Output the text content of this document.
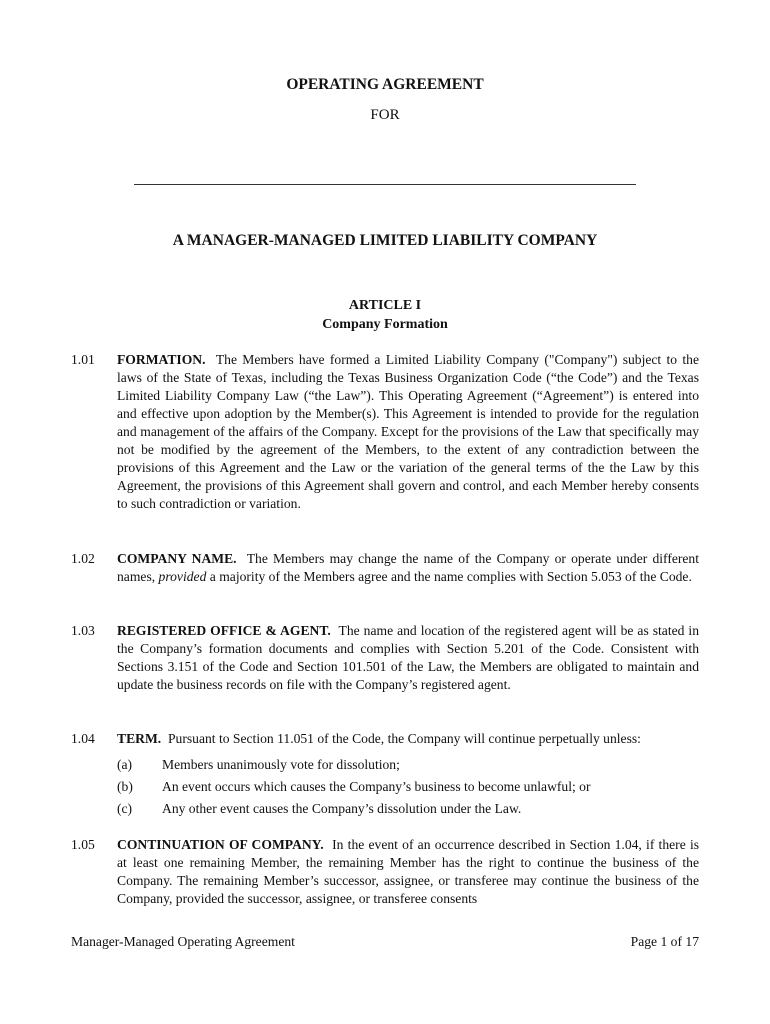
OPERATING AGREEMENT
FOR
A MANAGER-MANAGED LIMITED LIABILITY COMPANY
ARTICLE I
Company Formation
1.01	FORMATION. The Members have formed a Limited Liability Company ("Company") subject to the laws of the State of Texas, including the Texas Business Organization Code (“the Code”) and the Texas Limited Liability Company Law (“the Law”). This Operating Agreement (“Agreement”) is entered into and effective upon adoption by the Member(s). This Agreement is intended to provide for the regulation and management of the affairs of the Company. Except for the provisions of the Law that specifically may not be modified by the agreement of the Members, to the extent of any contradiction between the provisions of this Agreement and the Law or the variation of the general terms of the the Law by this Agreement, the provisions of this Agreement shall govern and control, and each Member hereby consents to such contradiction or variation.
1.02	COMPANY NAME. The Members may change the name of the Company or operate under different names, provided a majority of the Members agree and the name complies with Section 5.053 of the Code.
1.03	REGISTERED OFFICE & AGENT. The name and location of the registered agent will be as stated in the Company’s formation documents and complies with Section 5.201 of the Code. Consistent with Sections 3.151 of the Code and Section 101.501 of the Law, the Members are obligated to maintain and update the business records on file with the Company’s registered agent.
1.04	TERM. Pursuant to Section 11.051 of the Code, the Company will continue perpetually unless:
(a) Members unanimously vote for dissolution;
(b) An event occurs which causes the Company’s business to become unlawful; or
(c) Any other event causes the Company’s dissolution under the Law.
1.05	CONTINUATION OF COMPANY. In the event of an occurrence described in Section 1.04, if there is at least one remaining Member, the remaining Member has the right to continue the business of the Company. The remaining Member’s successor, assignee, or transferee may continue the business of the Company, provided the successor, assignee, or transferee consents
Manager-Managed Operating Agreement	Page 1 of 17
